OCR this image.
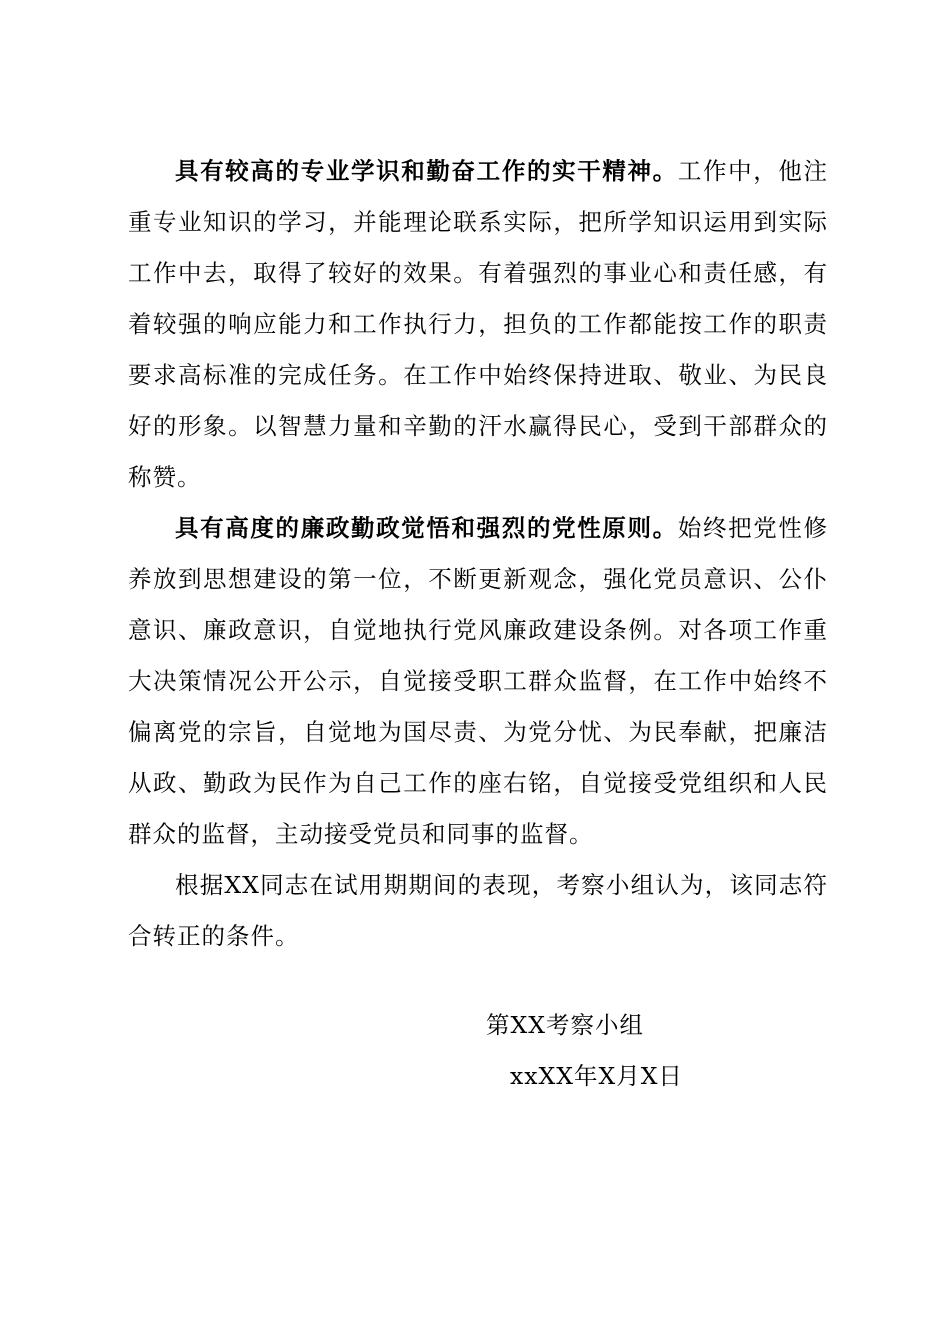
具有较高的专业学识和勤奋工作的实干精神。工作中，他注重专业知识的学习，并能理论联系实际，把所学知识运用到实际工作中去，取得了较好的效果。有着强烈的事业心和责任感，有着较强的响应能力和工作执行力，担负的工作都能按工作的职责要求高标准的完成任务。在工作中始终保持进取、敬业、为民良好的形象。以智慧力量和辛勤的汗水赢得民心，受到干部群众的称赞。

具有高度的廉政勤政觉悟和强烈的党性原则。始终把党性修养放到思想建设的第一位，不断更新观念，强化党员意识、公仆意识、廉政意识，自觉地执行党风廉政建设条例。对各项工作重大决策情况公开公示，自觉接受职工群众监督，在工作中始终不偏离党的宗旨，自觉地为国尽责、为党分忧、为民奉献，把廉洁从政、勤政为民作为自己工作的座右铭，自觉接受党组织和人民群众的监督，主动接受党员和同事的监督。

根据XX同志在试用期期间的表现，考察小组认为，该同志符合转正的条件。

第XX考察小组
xxXX年X月X日
